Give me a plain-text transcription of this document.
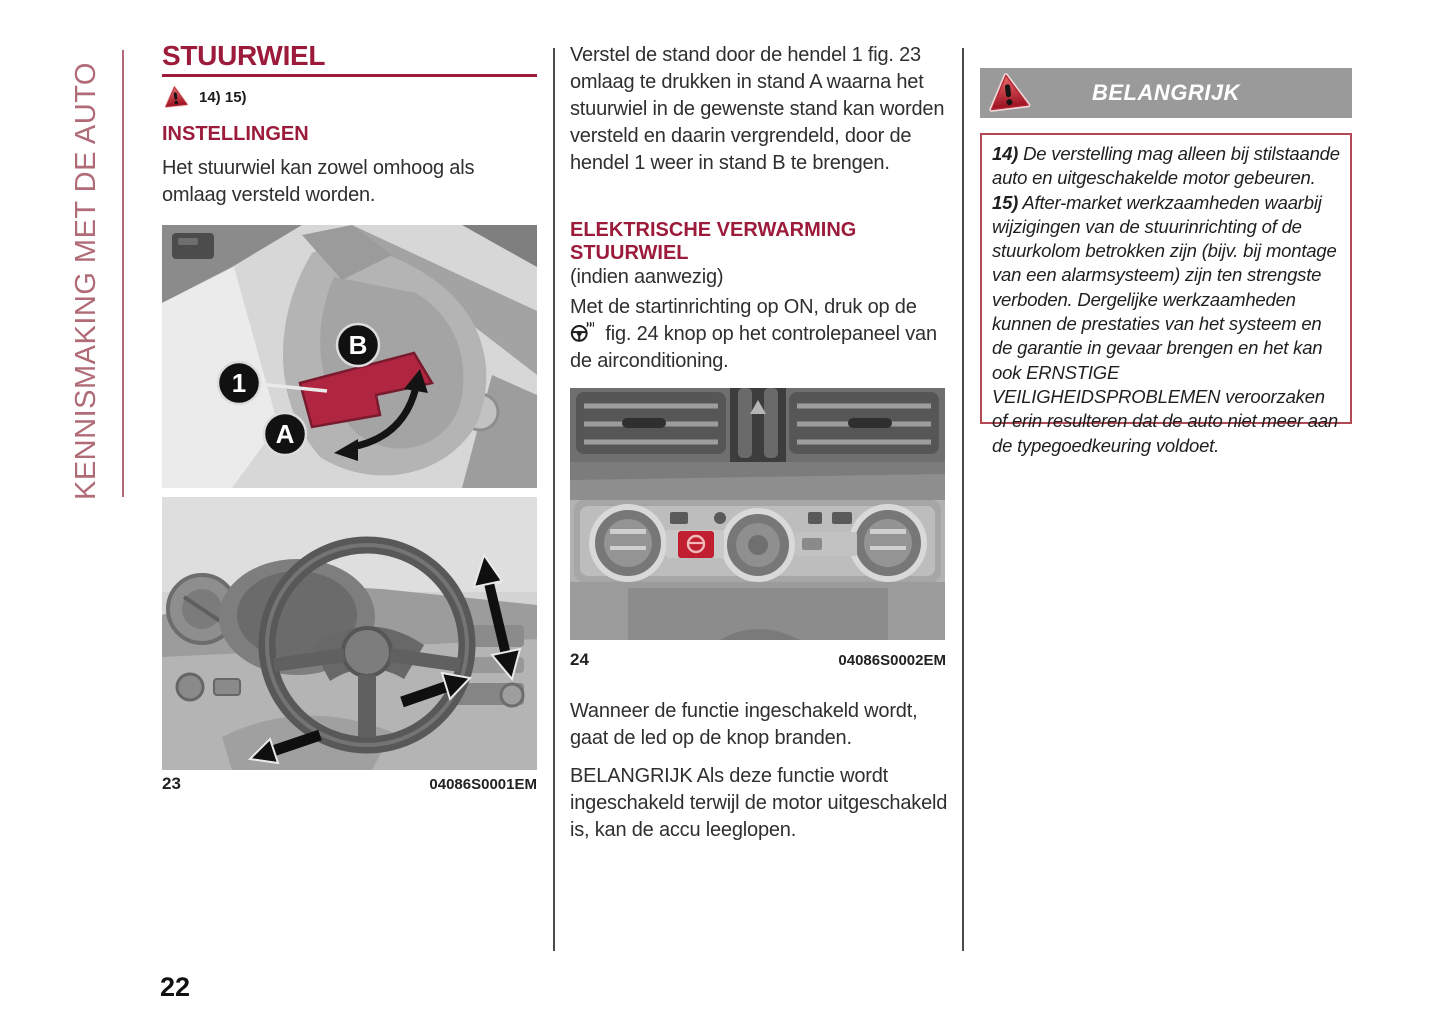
KENNISMAKING MET DE AUTO
STUURWIEL
14) 15)
INSTELLINGEN
Het stuurwiel kan zowel omhoog als omlaag versteld worden.
B
1
A
23	04086S0001EM
22
Verstel de stand door de hendel 1 fig. 23 omlaag te drukken in stand A waarna het stuurwiel in de gewenste stand kan worden versteld en daarin vergrendeld, door de hendel 1 weer in stand B te brengen.
ELEKTRISCHE VERWARMING
STUURWIEL
(indien aanwezig)
Met de startinrichting op ON, druk op de

fig. 24 knop op het controlepaneel van de airconditioning.
24	04086S0002EM
Wanneer de functie ingeschakeld wordt, gaat de led op de knop branden.
BELANGRIJK Als deze functie wordt ingeschakeld terwijl de motor uitgeschakeld is, kan de accu leeglopen.
BELANGRIJK
14) De verstelling mag alleen bij stilstaande auto en uitgeschakelde motor gebeuren. 15) After-market werkzaamheden waarbij wijzigingen van de stuurinrichting of de stuurkolom betrokken zijn (bijv. bij montage van een alarmsysteem) zijn ten strengste verboden. Dergelijke werkzaamheden kunnen de prestaties van het systeem en de garantie in gevaar brengen en het kan ook ERNSTIGE VEILIGHEIDSPROBLEMEN veroorzaken of erin resulteren dat de auto niet meer aan de typegoedkeuring voldoet.
